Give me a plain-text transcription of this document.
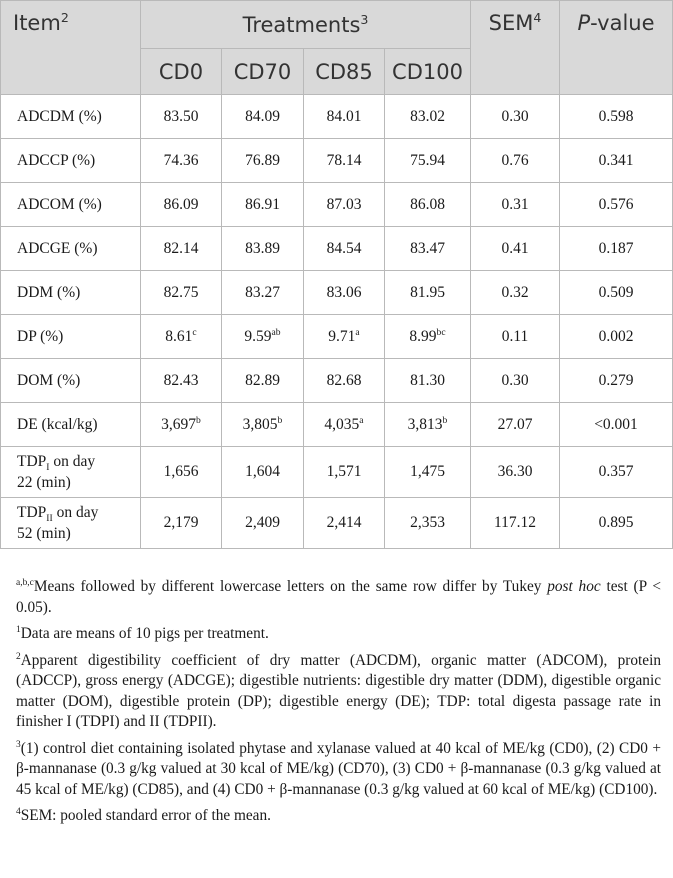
Item$^2$	Treatments$^3$				SEM$^4$	P-value
	CD0	CD70	CD85	CD100		
ADCDM (%)	83.50	84.09	84.01	83.02	0.30	0.598
ADCCP (%)	74.36	76.89	78.14	75.94	0.76	0.341
ADCOM (%)	86.09	86.91	87.03	86.08	0.31	0.576
ADCGE (%)	82.14	83.89	84.54	83.47	0.41	0.187
DDM (%)	82.75	83.27	83.06	81.95	0.32	0.509
DP (%)	8.61$^c$	9.59$^{ab}$	9.71$^a$	8.99$^{bc}$	0.11	0.002
DOM (%)	82.43	82.89	82.68	81.30	0.30	0.279
DE (kcal/kg)	3,697$^b$	3,805$^b$	4,035$^a$	3,813$^b$	27.07	<0.001
$TDP_I$ on day
22 (min)	1,656	1,604	1,571	1,475	36.30	0.357
$TDP_{II}$ on day
52 (min)	2,179	2,409	2,414	2,353	117.12	0.895

$^{a,b,c}$Means followed by different lowercase letters on the same row differ by Tukey post hoc test (P < 0.05).

$^1$Data are means of 10 pigs per treatment.

$^2$Apparent digestibility coefficient of dry matter (ADCDM), organic matter (ADCOM), protein (ADCCP), gross energy (ADCGE); digestible nutrients: digestible dry matter (DDM), digestible organic matter (DOM), digestible protein (DP); digestible energy (DE); TDP: total digesta passage rate in finisher I (TDPI) and II (TDPII).

$^3$(1) control diet containing isolated phytase and xylanase valued at 40 kcal of ME/kg (CD0), (2) CD0 + β-mannanase (0.3 g/kg valued at 30 kcal of ME/kg) (CD70), (3) CD0 + β-mannanase (0.3 g/kg valued at 45 kcal of ME/kg) (CD85), and (4) CD0 + β-mannanase (0.3 g/kg valued at 60 kcal of ME/kg) (CD100).

$^4$SEM: pooled standard error of the mean.
